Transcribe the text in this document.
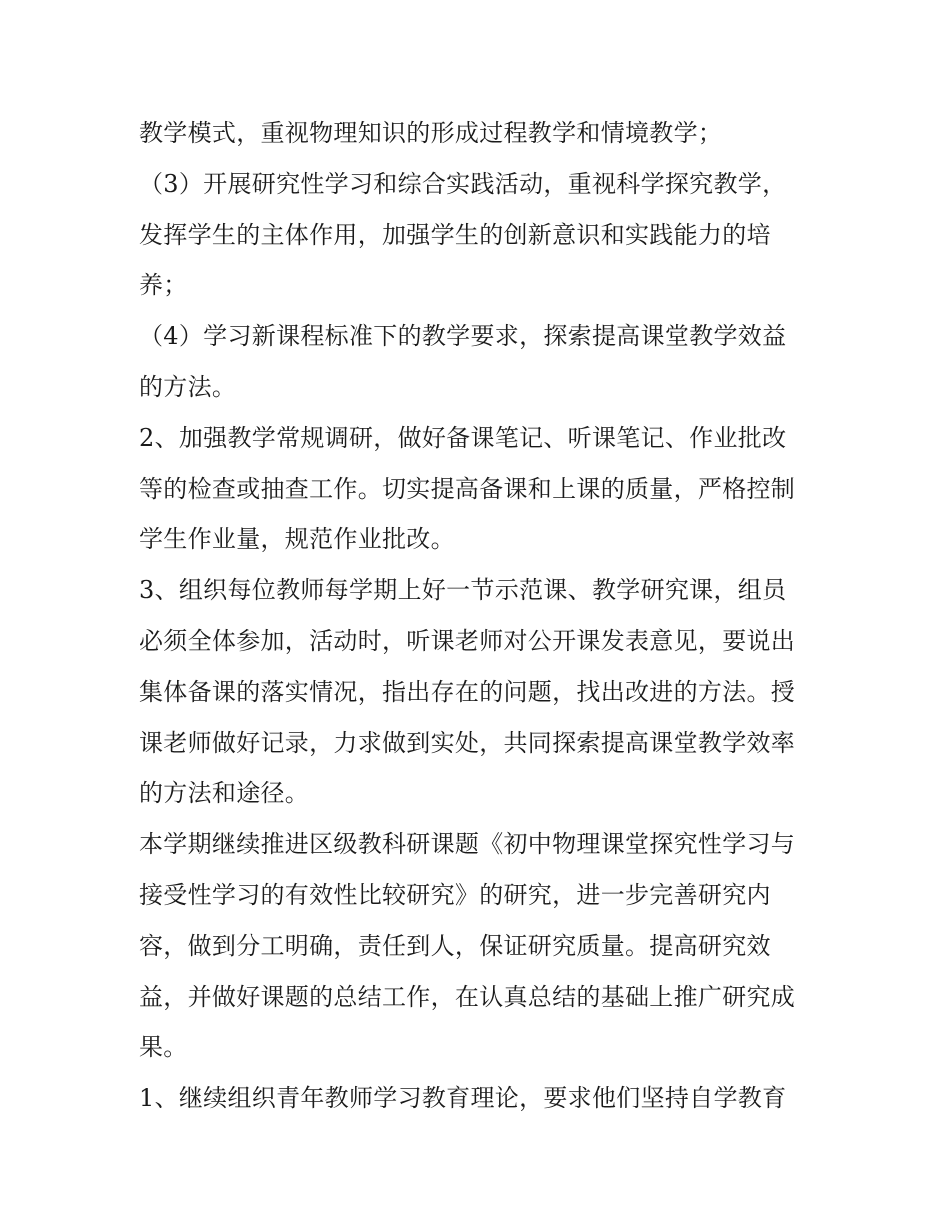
教学模式，重视物理知识的形成过程教学和情境教学；
（3）开展研究性学习和综合实践活动，重视科学探究教学，
发挥学生的主体作用，加强学生的创新意识和实践能力的培
养；
（4）学习新课程标准下的教学要求，探索提高课堂教学效益
的方法。
2、加强教学常规调研，做好备课笔记、听课笔记、作业批改
等的检查或抽查工作。切实提高备课和上课的质量，严格控制
学生作业量，规范作业批改。
3、组织每位教师每学期上好一节示范课、教学研究课，组员
必须全体参加，活动时，听课老师对公开课发表意见，要说出
集体备课的落实情况，指出存在的问题，找出改进的方法。授
课老师做好记录，力求做到实处，共同探索提高课堂教学效率
的方法和途径。
本学期继续推进区级教科研课题《初中物理课堂探究性学习与
接受性学习的有效性比较研究》的研究，进一步完善研究内
容，做到分工明确，责任到人，保证研究质量。提高研究效
益，并做好课题的总结工作，在认真总结的基础上推广研究成
果。
1、继续组织青年教师学习教育理论，要求他们坚持自学教育
